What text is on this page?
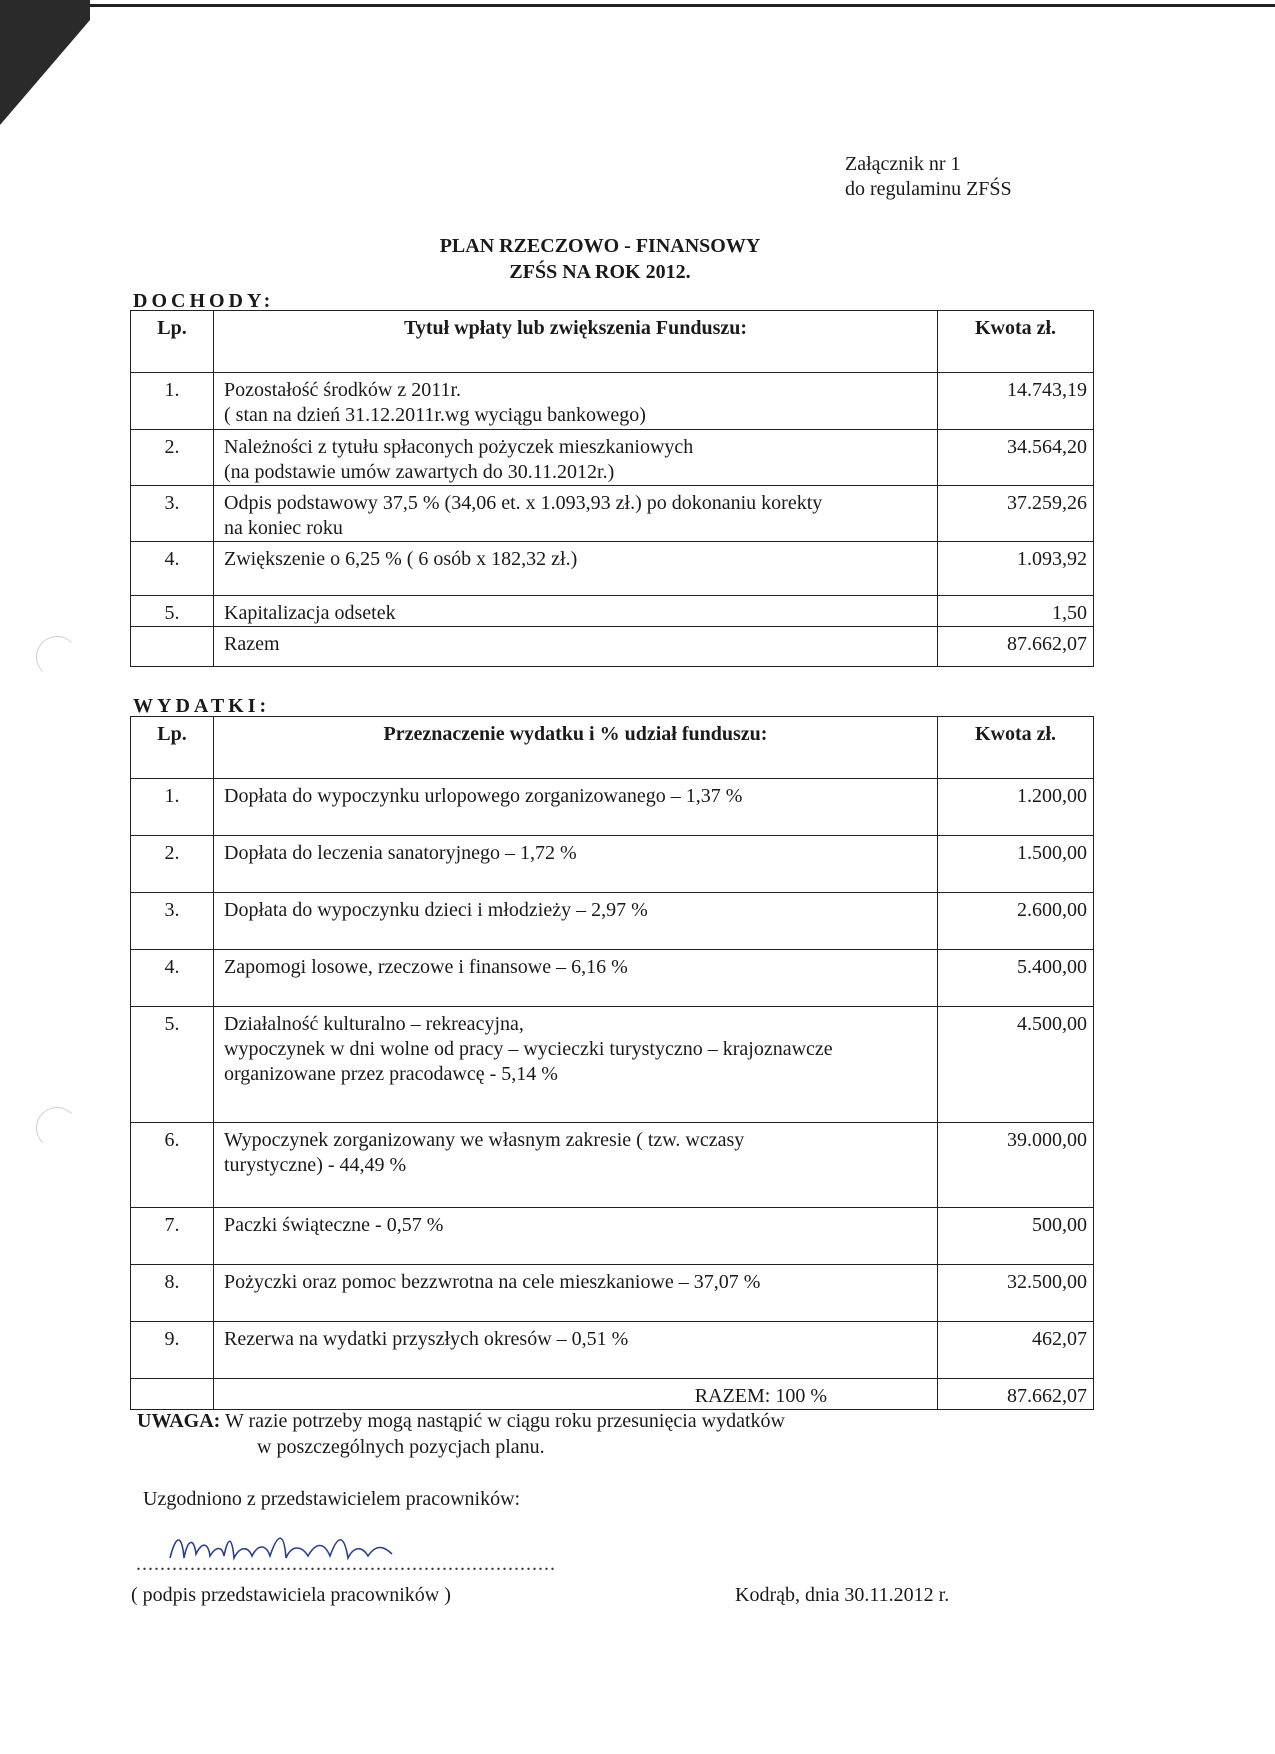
Załącznik nr 1
do regulaminu ZFŚS
PLAN RZECZOWO - FINANSOWY
ZFŚS NA ROK 2012.
DOCHODY:
Lp.	Tytuł wpłaty lub zwiększenia Funduszu:	Kwota zł.
1.	Pozostałość środków z 2011r.
( stan na dzień 31.12.2011r.wg wyciągu bankowego)	14.743,19
2.	Należności z tytułu spłaconych pożyczek mieszkaniowych
(na podstawie umów zawartych do 30.11.2012r.)	34.564,20
3.	Odpis podstawowy 37,5 % (34,06 et. x 1.093,93 zł.) po dokonaniu korekty
na koniec roku	37.259,26
4.	Zwiększenie o 6,25 % ( 6 osób x 182,32 zł.)	1.093,92
5.	Kapitalizacja odsetek	1,50
	Razem	87.662,07
WYDATKI:
Lp.	Przeznaczenie wydatku i % udział funduszu:	Kwota zł.
1.	Dopłata do wypoczynku urlopowego zorganizowanego – 1,37 %	1.200,00
2.	Dopłata do leczenia sanatoryjnego – 1,72 %	1.500,00
3.	Dopłata do wypoczynku dzieci i młodzieży – 2,97 %	2.600,00
4.	Zapomogi losowe, rzeczowe i finansowe – 6,16 %	5.400,00
5.	Działalność kulturalno – rekreacyjna,
wypoczynek w dni wolne od pracy – wycieczki turystyczno – krajoznawcze
organizowane przez pracodawcę - 5,14 %	4.500,00
6.	Wypoczynek zorganizowany we własnym zakresie ( tzw. wczasy
turystyczne) - 44,49 %	39.000,00
7.	Paczki świąteczne - 0,57 %	500,00
8.	Pożyczki oraz pomoc bezzwrotna na cele mieszkaniowe – 37,07 %	32.500,00
9.	Rezerwa na wydatki przyszłych okresów – 0,51 %	462,07
	RAZEM: 100 %	87.662,07
UWAGA: W razie potrzeby mogą nastąpić w ciągu roku przesunięcia wydatków
w poszczególnych pozycjach planu.
Uzgodniono z przedstawicielem pracowników:
......................................................................
( podpis przedstawiciela pracowników )	Kodrąb, dnia 30.11.2012 r.
